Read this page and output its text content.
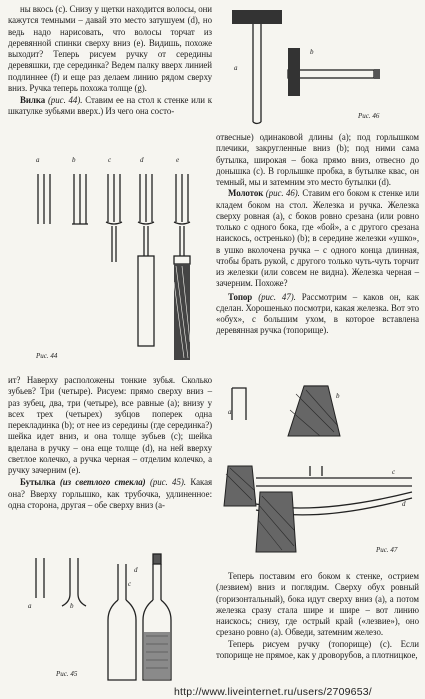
ны вкось (с). Снизу у щетки находится волосы, они кажутся темными – давай это место затушуем (d), но ведь надо нарисовать, что волосы торчат из деревянной спинки сверху вниз (е). Видишь, похоже выходит? Теперь рисуем ручку от середины деревяшки, где серединка? Ведем палку вверх линией подлиннее (f) и еще раз делаем линию рядом сверху вниз. Ручка теперь похожа толще (g).

Вилка (рис. 44). Ставим ее на стол к стенке или к шкатулке зубьями вверх.) Из чего она состо-

ит? Наверху расположены тонкие зубья. Сколько зубьев? Три (четыре). Рисуем: прямо сверху вниз – раз зубец, два, три (четыре), все равные (а); внизу у всех трех (четырех) зубцов поперек одна перекладинка (b); от нее из середины (где серединка?) шейка идет вниз, и она толще зубьев (c); шейка вделана в ручку – она еще толще (d), на ней вверху светлое колечко, а ручка черная – отделим колечко, а ручку зачерним (е).

Бутылка (из светлого стекла) (рис. 45). Какая она? Вверху горлышко, как трубочка, удлиненное: одна сторона, другая – обе сверху вниз (а-

a	b	c	d	e
Рис. 44
a	b
c
d
Рис. 45
a
b
Рис. 46

отвесные) одинаковой длины (а); под горлышком плечики, закругленные вниз (b); под ними сама бутылка, широкая – бока прямо вниз, отвесно до донышка (с). В горлышке пробка, в бутылке квас, он темный, мы и затемним это место бутылки (d).

Молоток (рис. 46). Ставим его боком к стенке или кладем боком на стол. Железка и ручка. Железка сверху ровная (а), с боков ровно срезана (или ровно только с одного бока, где «бой», а с другого срезана наискось, остренько) (b); в середине железки «ушко», в ушко вколочена ручка – с одного конца длинная, чтобы брать рукой, с другого только чуть-чуть торчит из железки (или совсем не видна). Железка черная – зачерним. Похоже?

Топор (рис. 47). Рассмотрим – каков он, как сделан. Хорошенько посмотри, какая железка. Вот это «обух», с большим ухом, в которое вставлена деревянная ручка (топорище).

a
b
c
d
Рис. 47

Теперь поставим его боком к стенке, острием (лезвием) вниз и поглядим. Сверху обух ровный (горизонтальный), бока идут сверху вниз (a), а потом железка сразу стала шире и шире – вот линию наискось; снизу, где острый край («лезвие»), оно срезано ровно (а). Обведи, затемним железо.

Теперь рисуем ручку (топорище) (c). Если топорище не прямое, как у дроворубов, а плотницкое,

http://www.liveinternet.ru/users/2709653/
